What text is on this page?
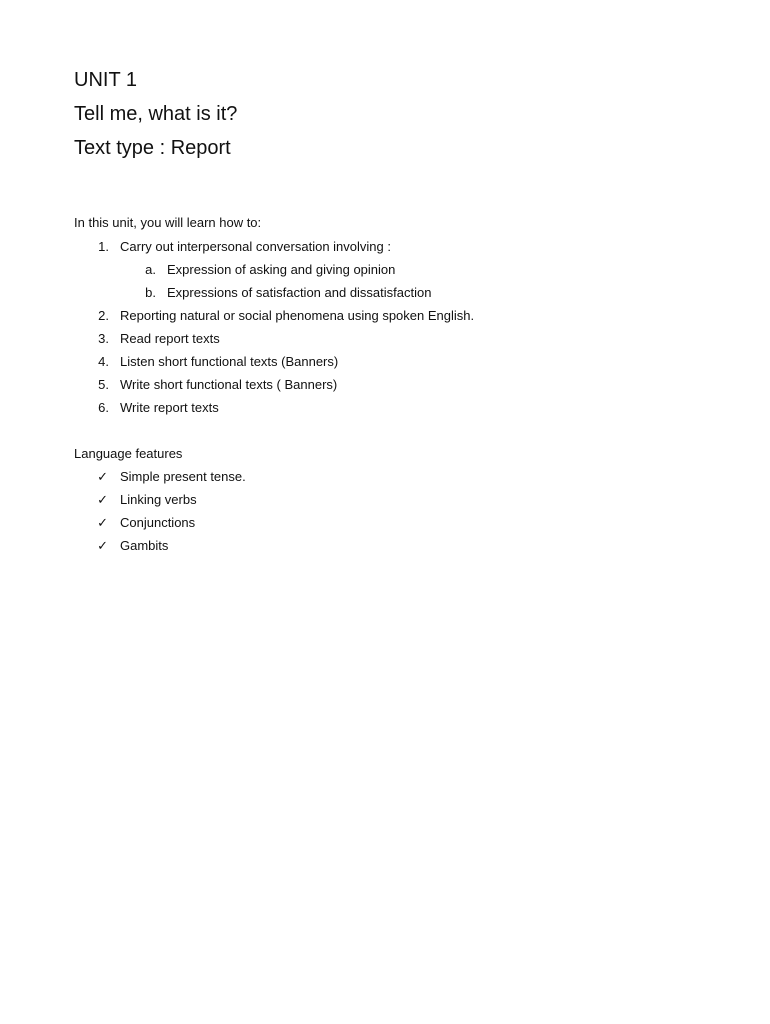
UNIT 1
Tell me, what is it?
Text type : Report
In this unit, you will learn how to:
1. Carry out interpersonal conversation involving :
a. Expression of asking and giving opinion
b. Expressions of satisfaction and dissatisfaction
2. Reporting natural or social phenomena using spoken English.
3. Read report texts
4. Listen short functional texts (Banners)
5. Write short functional texts ( Banners)
6. Write report texts
Language features
✓ Simple present tense.
✓ Linking verbs
✓ Conjunctions
✓ Gambits
